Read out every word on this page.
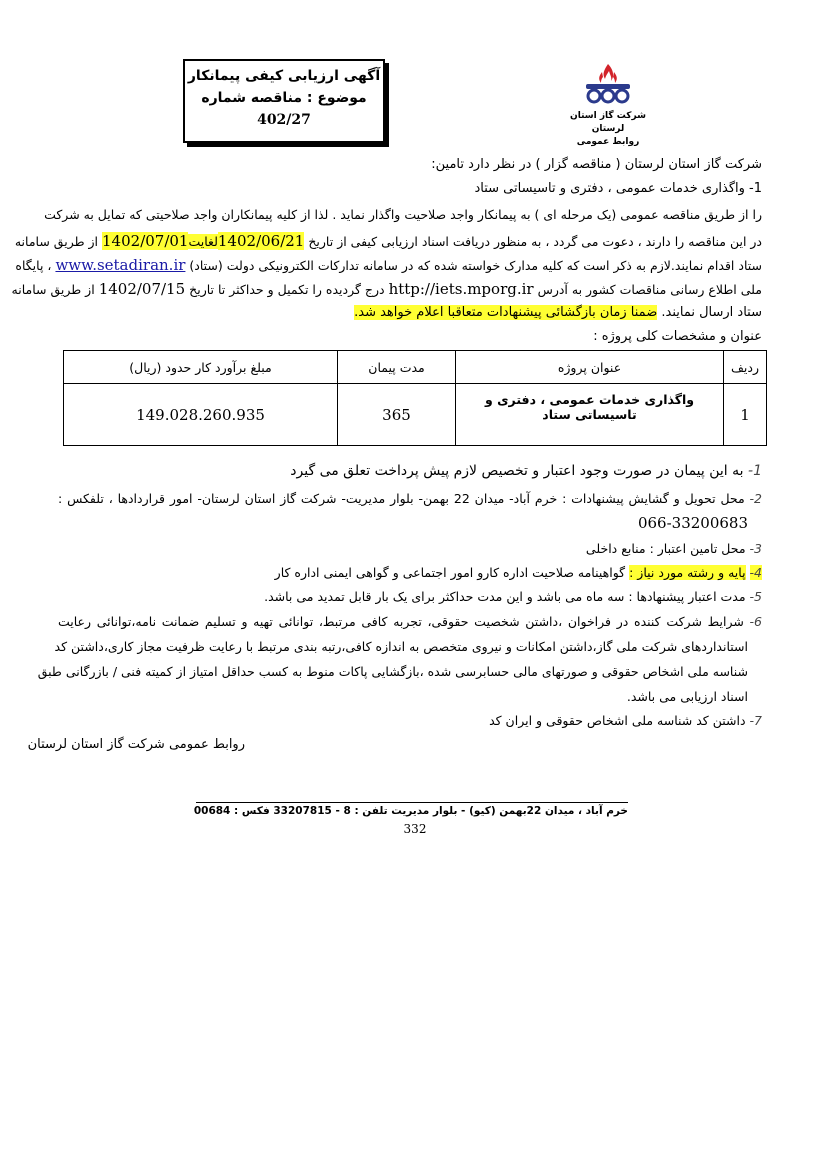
آگهی ارزیابی کیفی پیمانکار
موضوع : مناقصه شماره
402/27	شرکت گاز استان لرستان
روابط عمومی
شرکت گاز استان لرستان ( مناقصه گزار ) در نظر دارد تامین:
1- واگذاری خدمات عمومی ، دفتری و تاسیساتی ستاد
را از طریق مناقصه عمومی (یک مرحله ای ) به پیمانکار واجد صلاحیت واگذار نماید . لذا از کلیه پیمانکاران واجد صلاحیتی که تمایل به شرکت
در این مناقصه را دارند ، دعوت می گردد ، به منظور دریافت اسناد ارزیابی کیفی از تاریخ 1402/06/21لغایت1402/07/01 از طریق سامانه
ستاد اقدام نمایند.لازم به ذکر است که کلیه مدارک خواسته شده که در سامانه تدارکات الکترونیکی دولت (ستاد) www.setadiran.ir ، پایگاه
ملی اطلاع رسانی مناقصات کشور به آدرس http://iets.mporg.ir درج گردیده را تکمیل و حداکثر تا تاریخ 1402/07/15 از طریق سامانه
ستاد ارسال نمایند. ضمنا زمان بازگشائی پیشنهادات متعاقبا اعلام خواهد شد.
عنوان و مشخصات کلی پروژه :
ردیف	عنوان پروژه	مدت پیمان	مبلغ برآورد کار حدود (ریال)
1	واگذاری خدمات عمومی ، دفتری و تاسیساتی ستاد	365	149.028.260.935
1- به این پیمان در صورت وجود اعتبار و تخصیص لازم پیش پرداخت تعلق می گیرد
2- محل تحویل و گشایش پیشنهادات : خرم آباد- میدان 22 بهمن- بلوار مدیریت- شرکت گاز استان لرستان- امور قراردادها ، تلفکس :
066-33200683
3- محل تامین اعتبار : منابع داخلی
4- پایه و رشته مورد نیاز : گواهینامه صلاحیت اداره کارو امور اجتماعی و گواهی ایمنی اداره کار
5- مدت اعتبار پیشنهادها : سه ماه می باشد و این مدت حداکثر برای یک بار قابل تمدید می باشد.
6- شرایط شرکت کننده در فراخوان ،داشتن شخصیت حقوقی، تجربه کافی مرتبط، توانائی تهیه و تسلیم ضمانت نامه،توانائی رعایت
استانداردهای شرکت ملی گاز،داشتن امکانات و نیروی متخصص به اندازه کافی،رتبه بندی مرتبط با رعایت ظرفیت مجاز کاری،داشتن کد
شناسه ملی اشخاص حقوقی و صورتهای مالی حسابرسی شده ،بازگشایی پاکات منوط به کسب حداقل امتیاز از کمیته فنی / بازرگانی طبق
اسناد ارزیابی می باشد.
7- داشتن کد شناسه ملی اشخاص حقوقی و ایران کد
روابط عمومی شرکت گاز استان لرستان
خرم آباد ، میدان 22بهمن (کیو) - بلوار مدیریت تلفن : 8 - 33207815 فکس : 00684
332
